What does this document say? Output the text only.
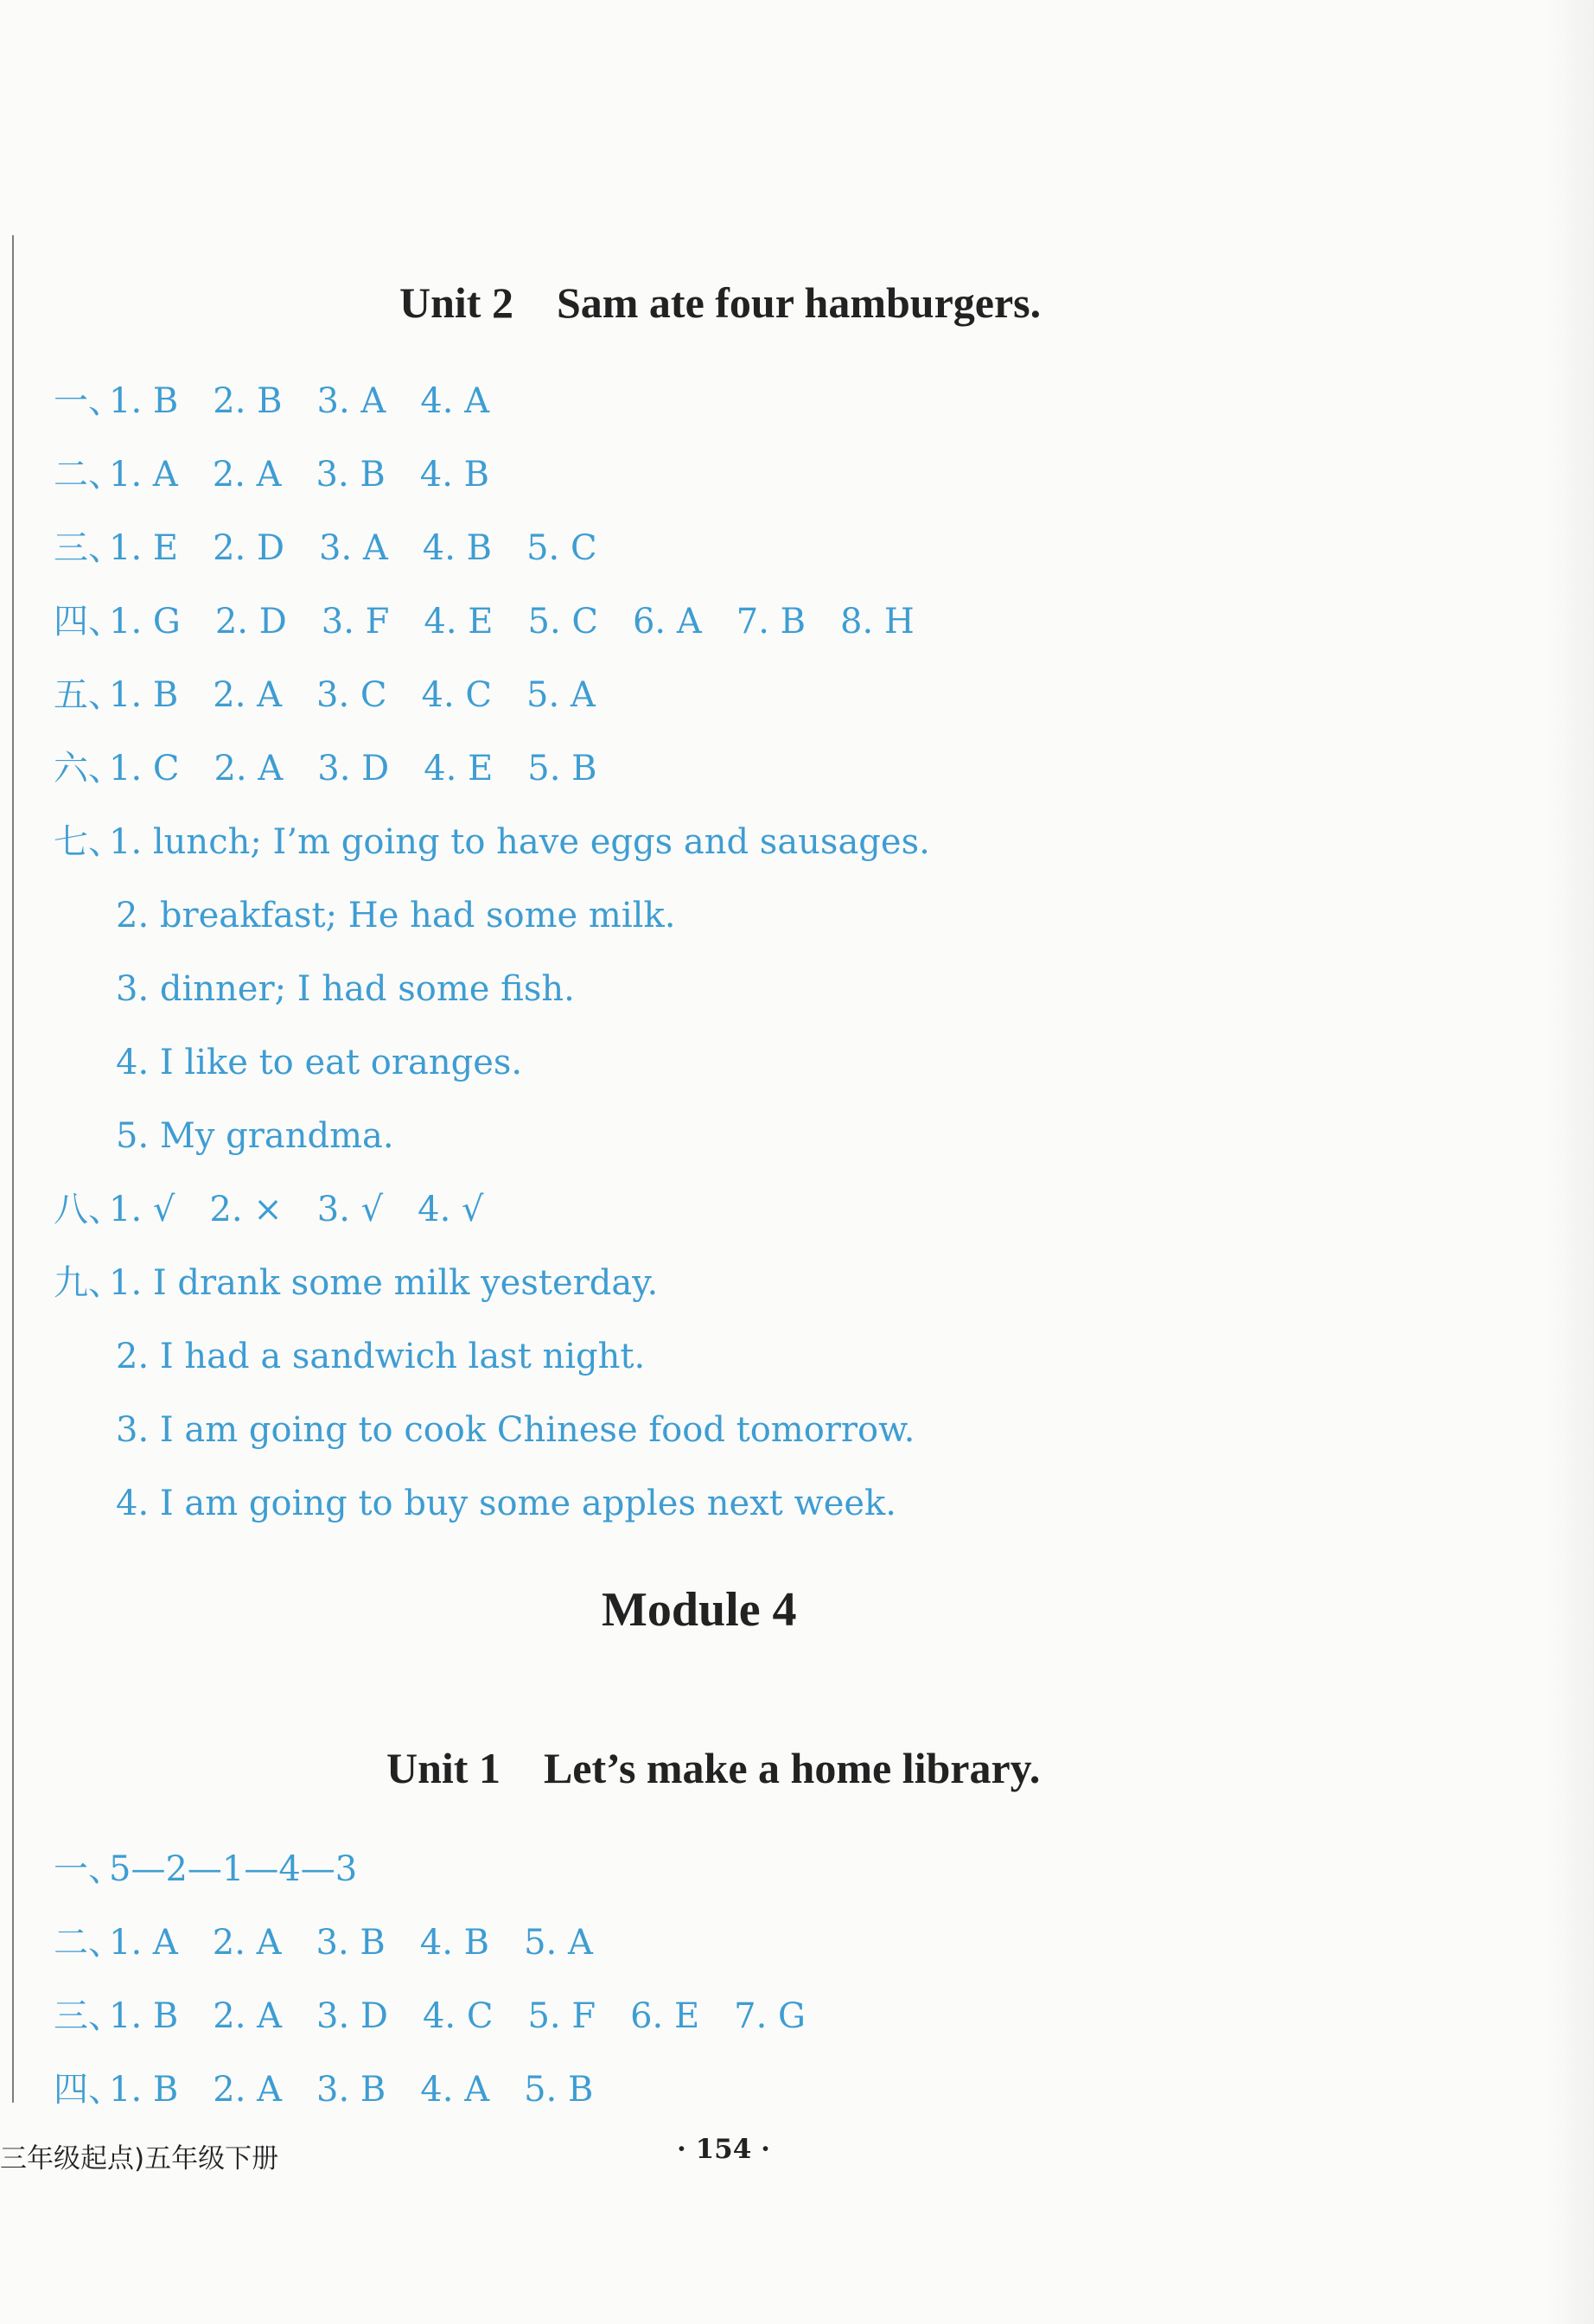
Unit 2　Sam ate four hamburgers.
一、1. B　2. B　3. A　4. A
二、1. A　2. A　3. B　4. B
三、1. E　2. D　3. A　4. B　5. C
四、1. G　2. D　3. F　4. E　5. C　6. A　7. B　8. H
五、1. B　2. A　3. C　4. C　5. A
六、1. C　2. A　3. D　4. E　5. B
七、1. lunch; I’m going to have eggs and sausages.
2. breakfast; He had some milk.
3. dinner; I had some fish.
4. I like to eat oranges.
5. My grandma.
八、1. √　2. ×　3. √　4. √
九、1. I drank some milk yesterday.
2. I had a sandwich last night.
3. I am going to cook Chinese food tomorrow.
4. I am going to buy some apples next week.
Module 4
Unit 1　Let’s make a home library.
一、5—2—1—4—3
二、1. A　2. A　3. B　4. B　5. A
三、1. B　2. A　3. D　4. C　5. F　6. E　7. G
四、1. B　2. A　3. B　4. A　5. B
三年级起点)五年级下册	· 154 ·
